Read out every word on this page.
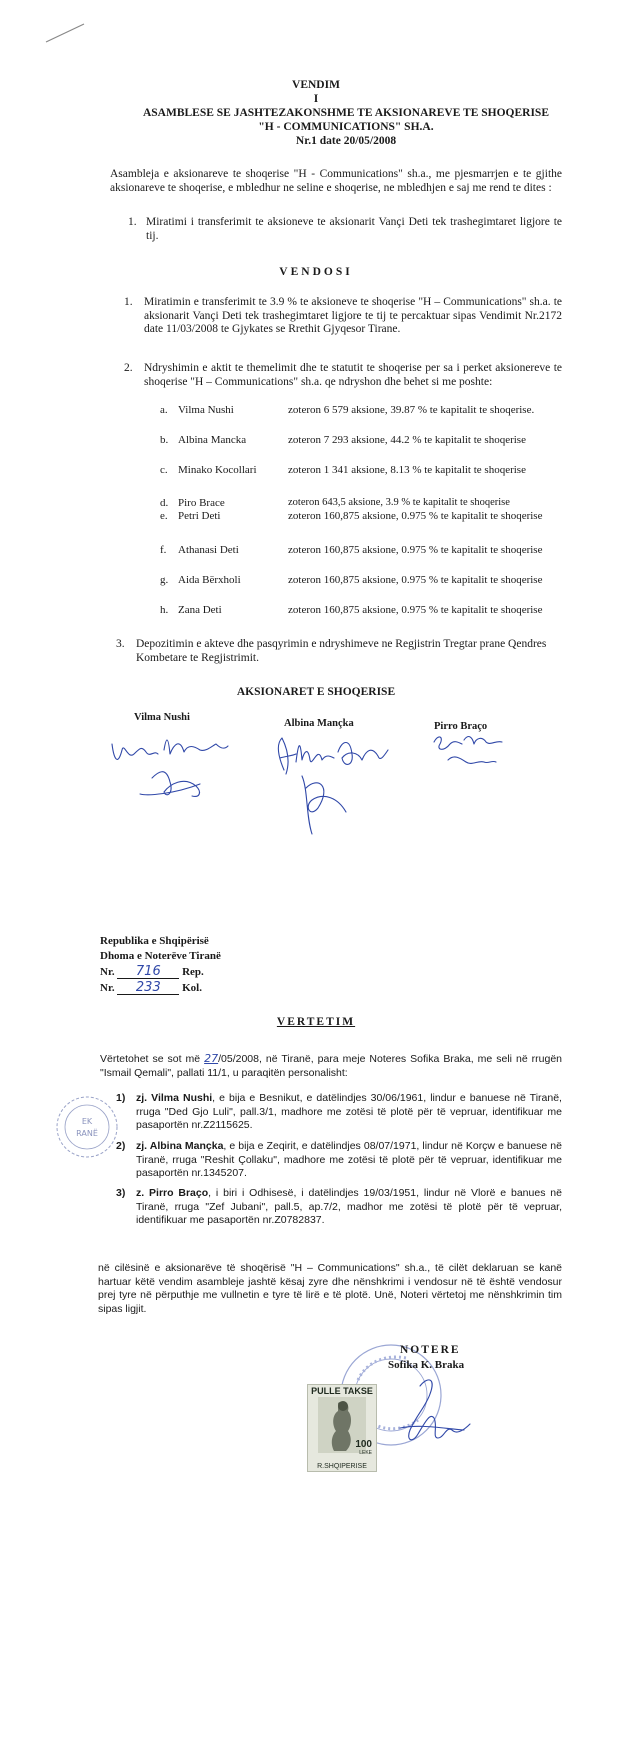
VENDIM
I
ASAMBLESE SE JASHTEZAKONSHME TE AKSIONAREVE TE SHOQERISE
"H - COMMUNICATIONS" SH.A.
Nr.1 date 20/05/2008
Asambleja e aksionareve te shoqerise "H - Communications" sh.a., me pjesmarrjen e te gjithe aksionareve te shoqerise, e mbledhur ne seline e shoqerise, ne mbledhjen e saj me rend te dites :
1. Miratimi i transferimit te aksioneve te aksionarit Vançi Deti tek trashegimtaret ligjore te tij.
VENDOSI
1. Miratimin e transferimit te 3.9 % te aksioneve te shoqerise "H – Communications" sh.a. te aksionarit Vançi Deti tek trashegimtaret ligjore te tij te percaktuar sipas Vendimit Nr.2172 date 11/03/2008 te Gjykates se Rrethit Gjyqesor Tirane.
2. Ndryshimin e aktit te themelimit dhe te statutit te shoqerise per sa i perket aksionereve te shoqerise "H – Communications" sh.a. qe ndryshon dhe behet si me poshte:
a. Vilma Nushi	zoteron 6 579 aksione, 39.87 % te kapitalit te shoqerise.
b. Albina Mancka	zoteron 7 293 aksione, 44.2 % te kapitalit te shoqerise
c. Minako Kocollari	zoteron 1 341 aksione, 8.13 % te kapitalit te shoqerise
d. Piro Brace	zoteron 643,5 aksione, 3.9 % te kapitalit te shoqerise
e. Petri Deti	zoteron 160,875 aksione, 0.975 % te kapitalit te shoqerise
f. Athanasi Deti	zoteron 160,875 aksione, 0.975 % te kapitalit te shoqerise
g. Aida Bërxholi	zoteron 160,875 aksione, 0.975 % te kapitalit te shoqerise
h. Zana Deti	zoteron 160,875 aksione, 0.975 % te kapitalit te shoqerise
3. Depozitimin e akteve dhe pasqyrimin e ndryshimeve ne Regjistrin Tregtar prane Qendres Kombetare te Regjistrimit.
AKSIONARET E SHOQERISE
Vilma Nushi
Albina Mançka	Pirro Braço
Republika e Shqipërisë
Dhoma e Noterëve Tiranë
Nr. 716 Rep.
Nr. 233 Kol.
VERTETIM
Vërtetohet se sot më 27/05/2008, në Tiranë, para meje Noteres Sofika Braka, me seli në rrugën "Ismail Qemali", pallati 11/1, u paraqitën personalisht:
EK
RANË
1) zj. Vilma Nushi, e bija e Besnikut, e datëlindjes 30/06/1961, lindur e banuese në Tiranë, rruga "Ded Gjo Luli", pall.3/1, madhore me zotësi të plotë për të vepruar, identifikuar me pasaportën nr.Z2115625.
2) zj. Albina Mançka, e bija e Zeqirit, e datëlindjes 08/07/1971, lindur në Korçw e banuese në Tiranë, rruga "Reshit Çollaku", madhore me zotësi të plotë për të vepruar, identifikuar me pasaportën nr.1345207.
3) z. Pirro Braço, i biri i Odhisesë, i datëlindjes 19/03/1951, lindur në Vlorë e banues në Tiranë, rruga "Zef Jubani", pall.5, ap.7/2, madhor me zotësi të plotë për të vepruar, identifikuar me pasaportën nr.Z0782837.
në cilësinë e aksionarëve të shoqërisë "H – Communications" sh.a., të cilët deklaruan se kanë hartuar këtë vendim asambleje jashtë kësaj zyre dhe nënshkrimi i vendosur në të është vendosur prej tyre në përputhje me vullnetin e tyre të lirë e të plotë. Unë, Noteri vërtetoj me nënshkrimin tim sipas ligjit.
NOTERE
Sofika K. Braka
PULLE TAKSE
100
LEKE
R.SHQIPERISE
